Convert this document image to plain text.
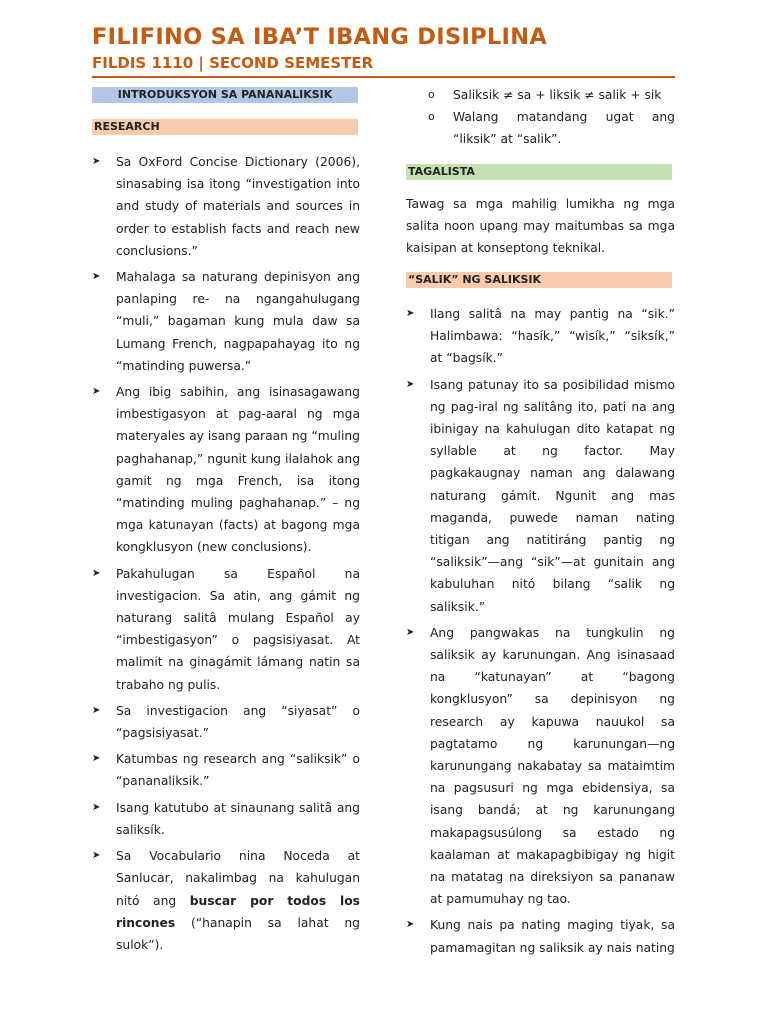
FILIFINO SA IBA’T IBANG DISIPLINA
FILDIS 1110 | SECOND SEMESTER
INTRODUKSYON SA PANANALIKSIK
RESEARCH
➤ Sa OxFord Concise Dictionary (2006), sinasabing isa itong “investigation into and study of materials and sources in order to establish facts and reach new conclusions.”
➤ Mahalaga sa naturang depinisyon ang panlaping re- na ngangahulugang “muli,” bagaman kung mula daw sa Lumang French, nagpapahayag ito ng “matinding puwersa.”
➤ Ang ibig sabihin, ang isinasagawang imbestigasyon at pag-aaral ng mga materyales ay isang paraan ng “muling paghahanap,” ngunit kung ilalahok ang gamit ng mga French, isa itong “matinding muling paghahanap.” – ng mga katunayan (facts) at bagong mga kongklusyon (new conclusions).
➤ Pakahulugan sa Español na investigacion. Sa atin, ang gámit ng naturang salitâ mulang Español ay “imbestigasyon” o pagsisiyasat. At malimit na ginagámit lámang natin sa trabaho ng pulis.
➤ Sa investigacion ang “siyasat” o “pagsisiyasat.”
➤ Katumbas ng research ang “saliksik” o “pananaliksik.”
➤ Isang katutubo at sinaunang salitâ ang saliksík.
➤ Sa Vocabulario nina Noceda at Sanlucar, nakalimbag na kahulugan nitó ang buscar por todos los rincones (“hanapin sa lahat ng sulok”).
o Saliksik ≠ sa + liksik ≠ salik + sik
o Walang matandang ugat ang “liksik” at “salik”.
TAGALISTA

Tawag sa mga mahilig lumikha ng mga salita noon upang may maitumbas sa mga kaisipan at konseptong teknikal.

“SALIK” NG SALIKSIK
➤ Ilang salitâ na may pantig na “sik.” Halimbawa: “hasík,” “wisík,” “siksík,” at “bagsík.”
➤ Isang patunay ito sa posibilidad mismo ng pag-iral ng salitâng ito, pati na ang ibinigay na kahulugan dito katapat ng syllable at ng factor. May pagkakaugnay naman ang dalawang naturang gámit. Ngunit ang mas maganda, puwede naman nating titigan ang natitiráng pantig ng “saliksik”—ang “sik”—at gunitain ang kabuluhan nitó bilang “salik ng saliksik.”
➤ Ang pangwakas na tungkulin ng saliksik ay karunungan. Ang isinasaad na “katunayan” at “bagong kongklusyon” sa depinisyon ng research ay kapuwa nauukol sa pagtatamo ng karunungan—ng karunungang nakabatay sa mataimtim na pagsusuri ng mga ebidensiya, sa isang bandá; at ng karunungang makapagsusúlong sa estado ng kaalaman at makapagbibigay ng higit na matatag na direksiyon sa pananaw at pamumuhay ng tao.
➤ Kung nais pa nating maging tiyak, sa pamamagitan ng saliksik ay nais nating
